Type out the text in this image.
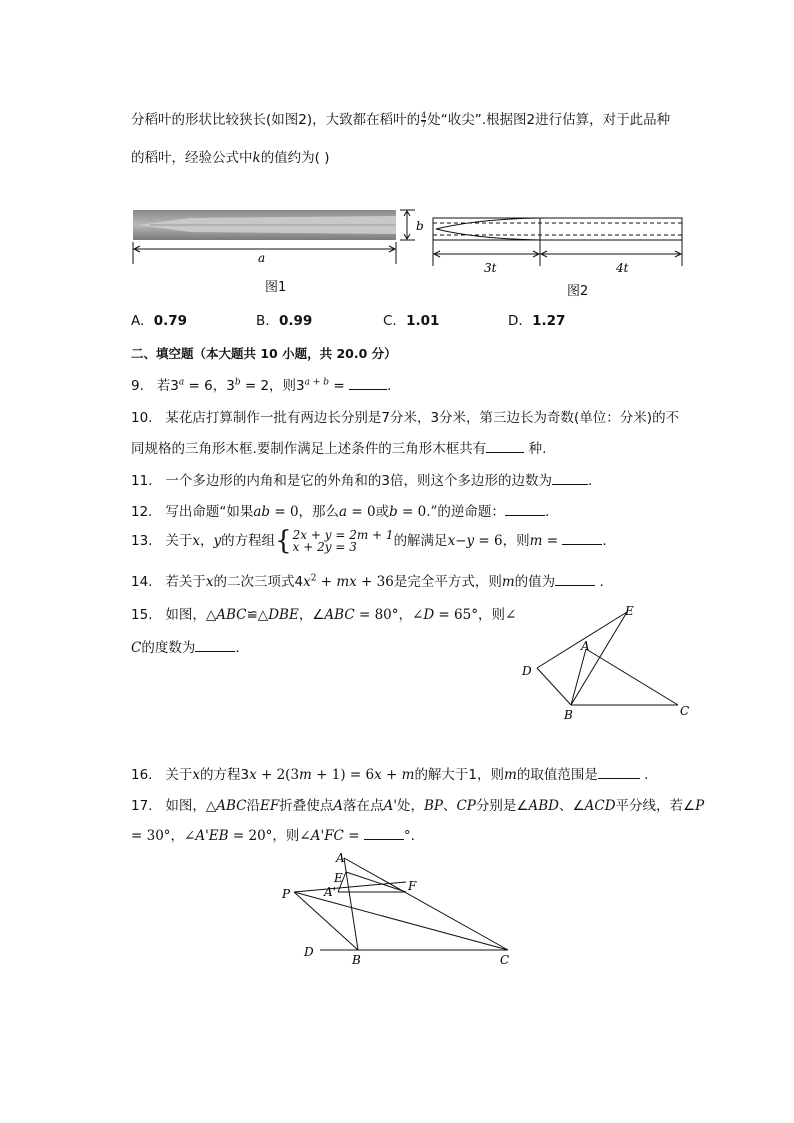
分稻叶的形状比较狭长(如图2)，大致都在稻叶的 $\frac{4}{7}$ 处“收尖”.根据图2进行估算，对于此品种
的稻叶，经验公式中k的值约为( )
b
a
图1
3t	4t
图2
A. 0.79	B. 0.99	C. 1.01	D. 1.27
二、填空题（本大题共 10 小题，共 20.0 分）
9. 若$3^a = 6$，$3^b = 2$，则$3^{a + b}$ =	.
10. 某花店打算制作一批有两边长分别是7分米，3分米，第三边长为奇数(单位：分米)的不
同规格的三角形木框.要制作满足上述条件的三角形木框共有	种.
11. 一个多边形的内角和是它的外角和的3倍，则这个多边形的边数为	.
12. 写出命题“如果ab = 0，那么a = 0或b = 0.”的逆命题：	.
13. 关于x，y的方程组{ 2x + y = 2m + 1
x + 2y = 3	的解满足x−y = 6，则m =	.
14. 若关于x的二次三项式$4x^2$ + mx + 36是完全平方式，则m的值为	.
15. 如图，△ABC≌△DBE，∠ABC = 80°，∠D = 65°，则∠
C的度数为	.
E
A
D
B	C
16. 关于x的方程3x + 2(3m + 1) = 6x + m的解大于1，则m的取值范围是	.
17. 如图，△ABC沿EF折叠使点A落在点A'处，BP、CP分别是∠ABD、∠ACD平分线，若∠P
= 30°，∠A'EB = 20°，则∠A'FC =	°.
A
E
A'	F
P
D
B	C
